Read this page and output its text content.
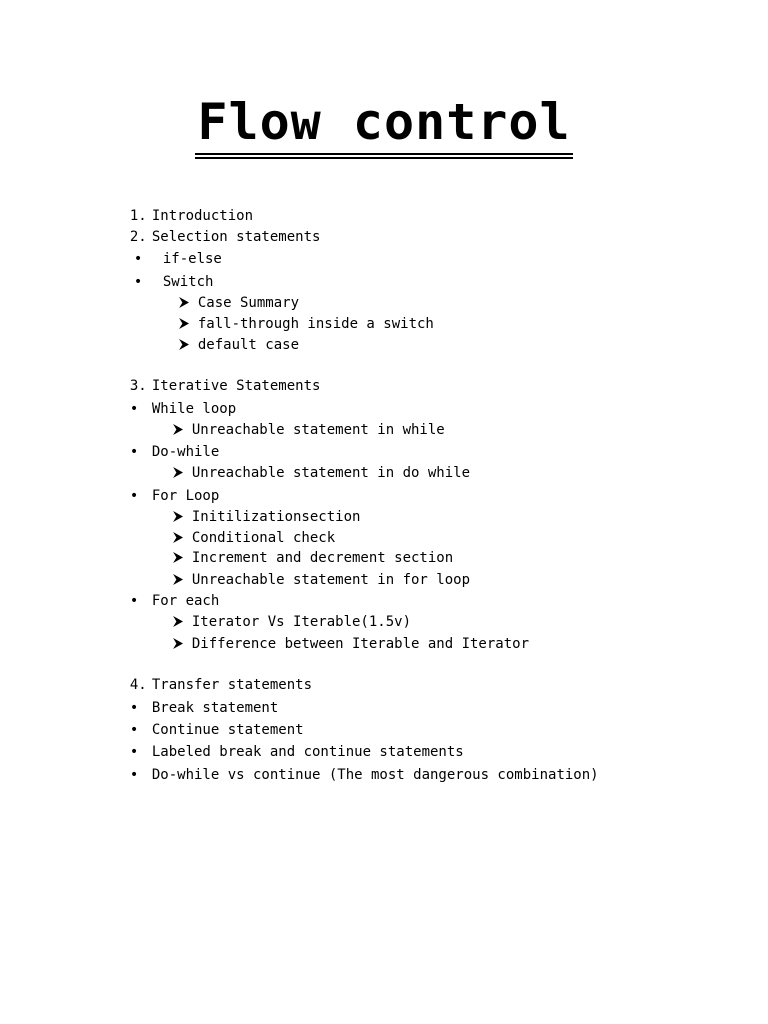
Flow control

1. Introduction

2. Selection statements

• if-else

• Switch

Case Summary

fall-through inside a switch

default case

3. Iterative Statements

• While loop

Unreachable statement in while

• Do-while

Unreachable statement in do while

• For Loop

Initilizationsection

Conditional check

Increment and decrement section

Unreachable statement in for loop

• For each

Iterator Vs Iterable(1.5v)

Difference between Iterable and Iterator

4. Transfer statements

• Break statement

• Continue statement

• Labeled break and continue statements

• Do-while vs continue (The most dangerous combination)
